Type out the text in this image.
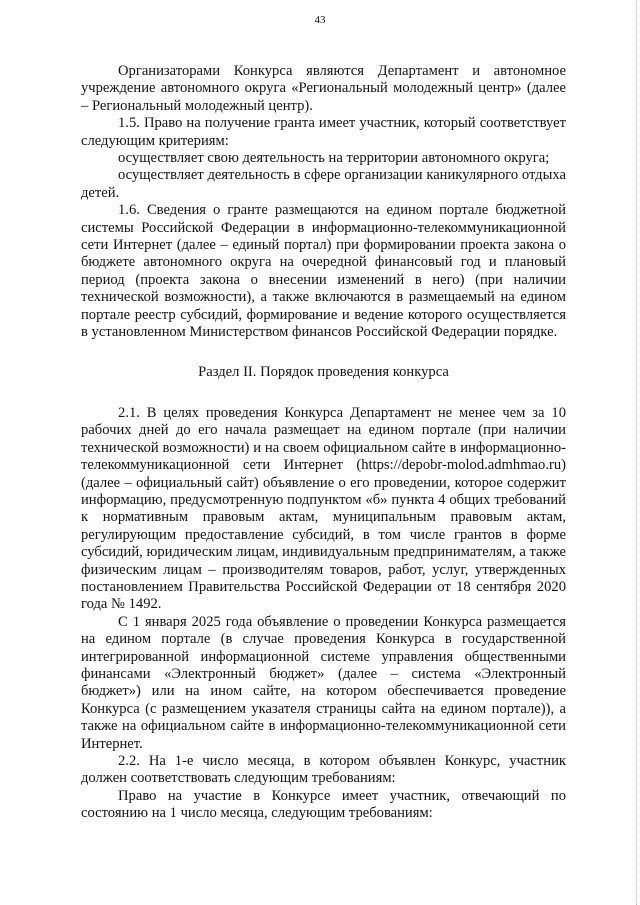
43

Организаторами Конкурса являются Департамент и автономное учреждение автономного округа «Региональный молодежный центр» (далее – Региональный молодежный центр).

1.5. Право на получение гранта имеет участник, который соответствует следующим критериям:

осуществляет свою деятельность на территории автономного округа;

осуществляет деятельность в сфере организации каникулярного отдыха детей.

1.6. Сведения о гранте размещаются на едином портале бюджетной системы Российской Федерации в информационно-телекоммуникационной сети Интернет (далее – единый портал) при формировании проекта закона о бюджете автономного округа на очередной финансовый год и плановый период (проекта закона о внесении изменений в него) (при наличии технической возможности), а также включаются в размещаемый на едином портале реестр субсидий, формирование и ведение которого осуществляется в установленном Министерством финансов Российской Федерации порядке.

Раздел II. Порядок проведения конкурса

2.1. В целях проведения Конкурса Департамент не менее чем за 10 рабочих дней до его начала размещает на едином портале (при наличии технической возможности) и на своем официальном сайте в информационно-телекоммуникационной сети Интернет (https://depobr-molod.admhmao.ru) (далее – официальный сайт) объявление о его проведении, которое содержит информацию, предусмотренную подпунктом «б» пункта 4 общих требований к нормативным правовым актам, муниципальным правовым актам, регулирующим предоставление субсидий, в том числе грантов в форме субсидий, юридическим лицам, индивидуальным предпринимателям, а также физическим лицам – производителям товаров, работ, услуг, утвержденных постановлением Правительства Российской Федерации от 18 сентября 2020 года № 1492.

С 1 января 2025 года объявление о проведении Конкурса размещается на едином портале (в случае проведения Конкурса в государственной интегрированной информационной системе управления общественными финансами «Электронный бюджет» (далее – система «Электронный бюджет») или на ином сайте, на котором обеспечивается проведение Конкурса (с размещением указателя страницы сайта на едином портале)), а также на официальном сайте в информационно-телекоммуникационной сети Интернет.

2.2. На 1-е число месяца, в котором объявлен Конкурс, участник должен соответствовать следующим требованиям:

Право на участие в Конкурсе имеет участник, отвечающий по состоянию на 1 число месяца, следующим требованиям:
